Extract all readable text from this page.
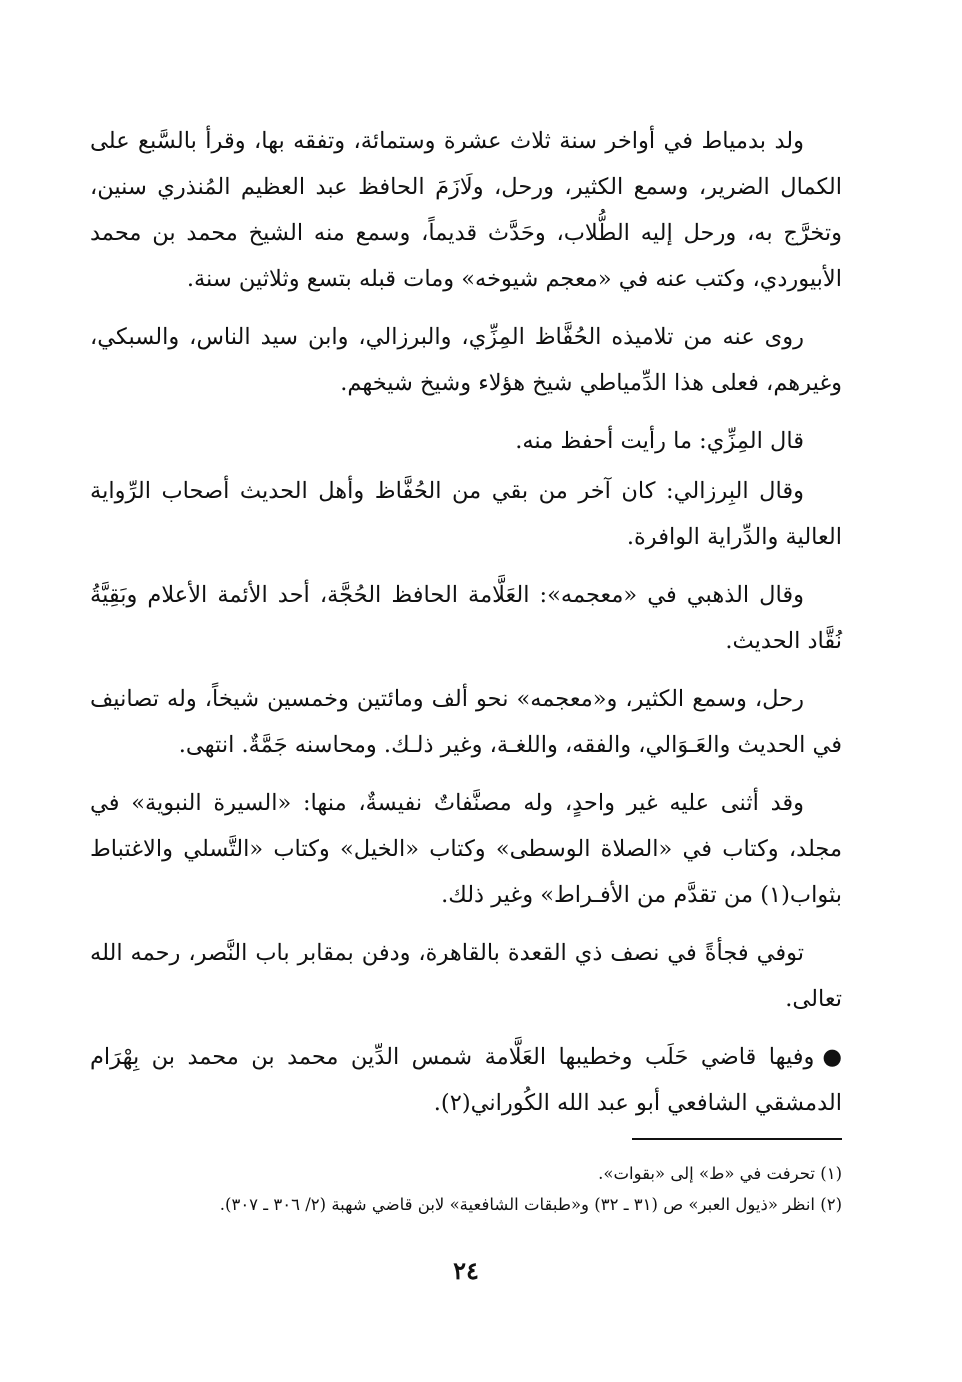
ولد بدمياط في أواخر سنة ثلاث عشرة وستمائة، وتفقه بها، وقرأ بالسَّبع على الكمال الضرير، وسمع الكثير، ورحل، ولَازَمَ الحافظ عبد العظيم المُنذري سنين، وتخرَّج به، ورحل إليه الطُّلاب، وحَدَّث قديماً، وسمع منه الشيخ محمد بن محمد الأبيوردي، وكتب عنه في «معجم شيوخه» ومات قبله بتسع وثلاثين سنة.

روى عنه من تلاميذه الحُفَّاظ المِزِّي، والبرزالي، وابن سيد الناس، والسبكي، وغيرهم، فعلى هذا الدِّمياطي شيخ هؤلاء وشيخ شيخهم.

قال المِزِّي: ما رأيت أحفظ منه.

وقال البِرزالي: كان آخر من بقي من الحُفَّاظ وأهل الحديث أصحاب الرِّواية العالية والدِّراية الوافرة.

وقال الذهبي في «معجمه»: العَلَّامة الحافظ الحُجَّة، أحد الأئمة الأعلام وبَقِيَّةُ نُقَّاد الحديث.

رحل، وسمع الكثير، و«معجمه» نحو ألف ومائتين وخمسين شيخاً، وله تصانيف في الحديث والعَـوَالي، والفقه، واللغـة، وغير ذلـك. ومحاسنه جَمَّةٌ. انتهى.

وقد أثنى عليه غير واحدٍ، وله مصنَّفاتٌ نفيسةٌ، منها: «السيرة النبوية» في مجلد، وكتاب في «الصلاة الوسطى» وكتاب «الخيل» وكتاب «التَّسلي والاغتباط بثواب(١) من تقدَّم من الأفـراط» وغير ذلك.

توفي فجأةً في نصف ذي القعدة بالقاهرة، ودفن بمقابر باب النَّصر، رحمه الله تعالى.

●وفيها قاضي حَلَب وخطيبها العَلَّامة شمس الدِّين محمد بن محمد بن بِهْرَام الدمشقي الشافعي أبو عبد الله الكُوراني(٢).

(١) تحرفت في «ط» إلى «بقوات».

(٢) انظر «ذيول العبر» ص (٣١ ـ ٣٢) و«طبقات الشافعية» لابن قاضي شهبة (٢/ ٣٠٦ ـ ٣٠٧).

٢٤
